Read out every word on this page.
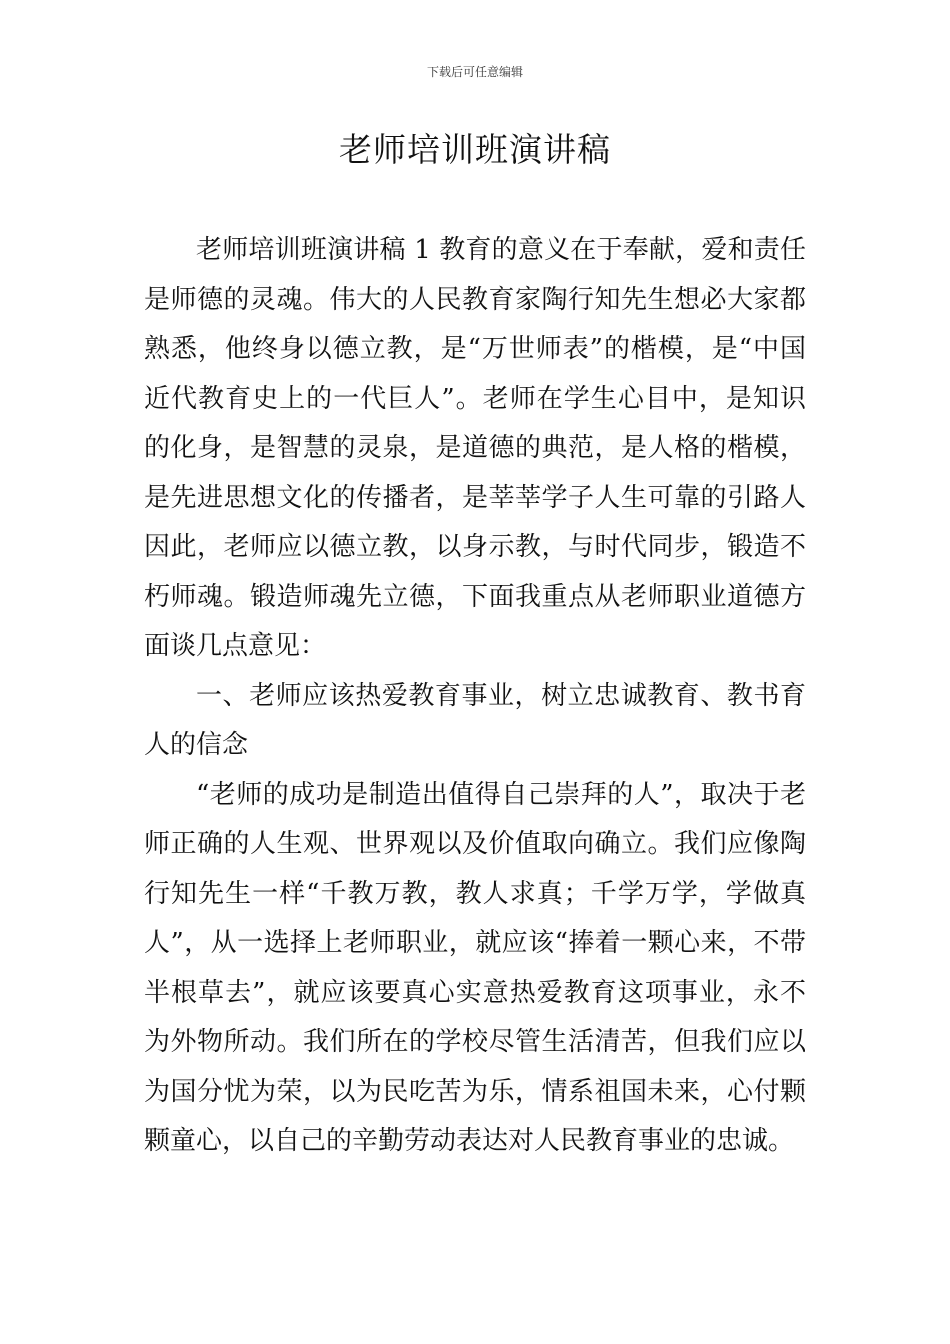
下载后可任意编辑
老师培训班演讲稿

老师培训班演讲稿 1 教育的意义在于奉献，爱和责任是师德的灵魂。伟大的人民教育家陶行知先生想必大家都熟悉，他终身以德立教，是“万世师表”的楷模，是“中国近代教育史上的一代巨人”。老师在学生心目中，是知识的化身，是智慧的灵泉，是道德的典范，是人格的楷模，是先进思想文化的传播者，是莘莘学子人生可靠的引路人因此，老师应以德立教，以身示教，与时代同步，锻造不朽师魂。锻造师魂先立德，下面我重点从老师职业道德方面谈几点意见：

一、老师应该热爱教育事业，树立忠诚教育、教书育人的信念

“老师的成功是制造出值得自己崇拜的人”，取决于老师正确的人生观、世界观以及价值取向确立。我们应像陶行知先生一样“千教万教，教人求真；千学万学，学做真人”，从一选择上老师职业，就应该“捧着一颗心来，不带半根草去”，就应该要真心实意热爱教育这项事业，永不为外物所动。我们所在的学校尽管生活清苦，但我们应以为国分忧为荣，以为民吃苦为乐，情系祖国未来，心付颗颗童心，以自己的辛勤劳动表达对人民教育事业的忠诚。
